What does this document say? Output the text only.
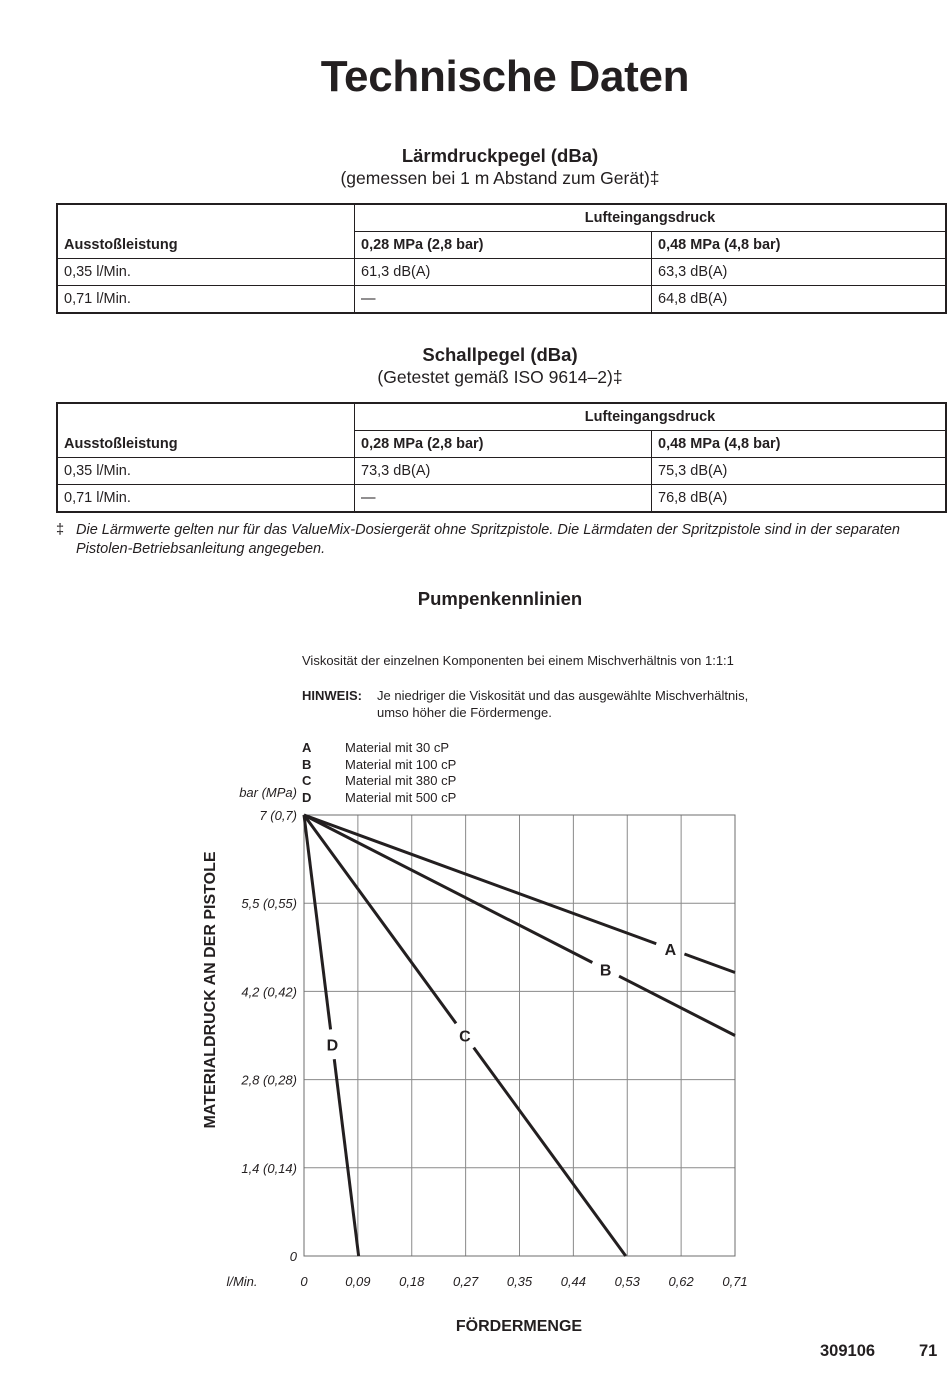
Technische Daten
Lärmdruckpegel (dBa)
(gemessen bei 1 m Abstand zum Gerät)‡
	Lufteingangsdruck	
Ausstoßleistung	0,28 MPa (2,8 bar)	0,48 MPa (4,8 bar)
0,35 l/Min.	61,3 dB(A)	63,3 dB(A)
0,71 l/Min.	—	64,8 dB(A)
Schallpegel (dBa)
(Getestet gemäß ISO 9614–2)‡
	Lufteingangsdruck	
Ausstoßleistung	0,28 MPa (2,8 bar)	0,48 MPa (4,8 bar)
0,35 l/Min.	73,3 dB(A)	75,3 dB(A)
0,71 l/Min.	—	76,8 dB(A)
‡ Die Lärmwerte gelten nur für das ValueMix-Dosiergerät ohne Spritzpistole. Die Lärmdaten der Spritzpistole sind in der separaten Pistolen-Betriebsanleitung angegeben.
Pumpenkennlinien
Viskosität der einzelnen Komponenten bei einem Mischverhältnis von 1:1:1
HINWEIS: Je niedriger die Viskosität und das ausgewählte Mischverhältnis,
umso höher die Fördermenge.
A	Material mit 30 cP
B	Material mit 100 cP
C	Material mit 380 cP
D	Material mit 500 cP
0	0,09 0,18 0,27 0,35 0,44 0,53 0,62 0,71
0
1,4 (0,14)
2,8 (0,28)
4,2 (0,42)
5,5 (0,55)
7 (0,7)
bar (MPa)
l/Min.
FÖRDERMENGE
MATERIALDRUCK AN DER PISTOLE	A
B
C
D
309106	71
